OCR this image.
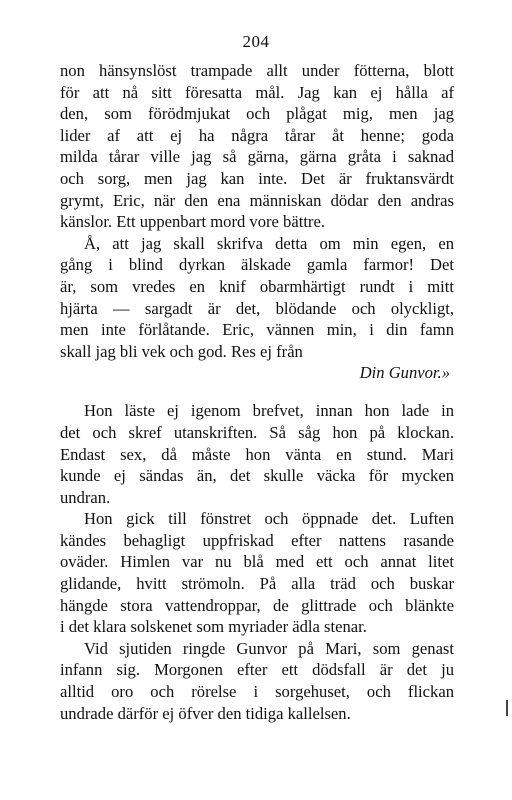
204
non hänsynslöst trampade allt under fötterna, blott
för att nå sitt föresatta mål. Jag kan ej hålla af
den, som förödmjukat och plågat mig, men jag
lider af att ej ha några tårar åt henne; goda
milda tårar ville jag så gärna, gärna gråta i saknad
och sorg, men jag kan inte. Det är fruktansvärdt
grymt, Eric, när den ena människan dödar den andras
känslor. Ett uppenbart mord vore bättre.
Å, att jag skall skrifva detta om min egen, en
gång i blind dyrkan älskade gamla farmor! Det
är, som vredes en knif obarmhärtigt rundt i mitt
hjärta — sargadt är det, blödande och olyckligt,
men inte förlåtande. Eric, vännen min, i din famn
skall jag bli vek och god. Res ej från
Din Gunvor.»
Hon läste ej igenom brefvet, innan hon lade in
det och skref utanskriften. Så såg hon på klockan.
Endast sex, då måste hon vänta en stund. Mari
kunde ej sändas än, det skulle väcka för mycken
undran.
Hon gick till fönstret och öppnade det. Luften
kändes behagligt uppfriskad efter nattens rasande
oväder. Himlen var nu blå med ett och annat litet
glidande, hvitt strömoln. På alla träd och buskar
hängde stora vattendroppar, de glittrade och blänkte
i det klara solskenet som myriader ädla stenar.
Vid sjutiden ringde Gunvor på Mari, som genast
infann sig. Morgonen efter ett dödsfall är det ju
alltid oro och rörelse i sorgehuset, och flickan
undrade därför ej öfver den tidiga kallelsen.
